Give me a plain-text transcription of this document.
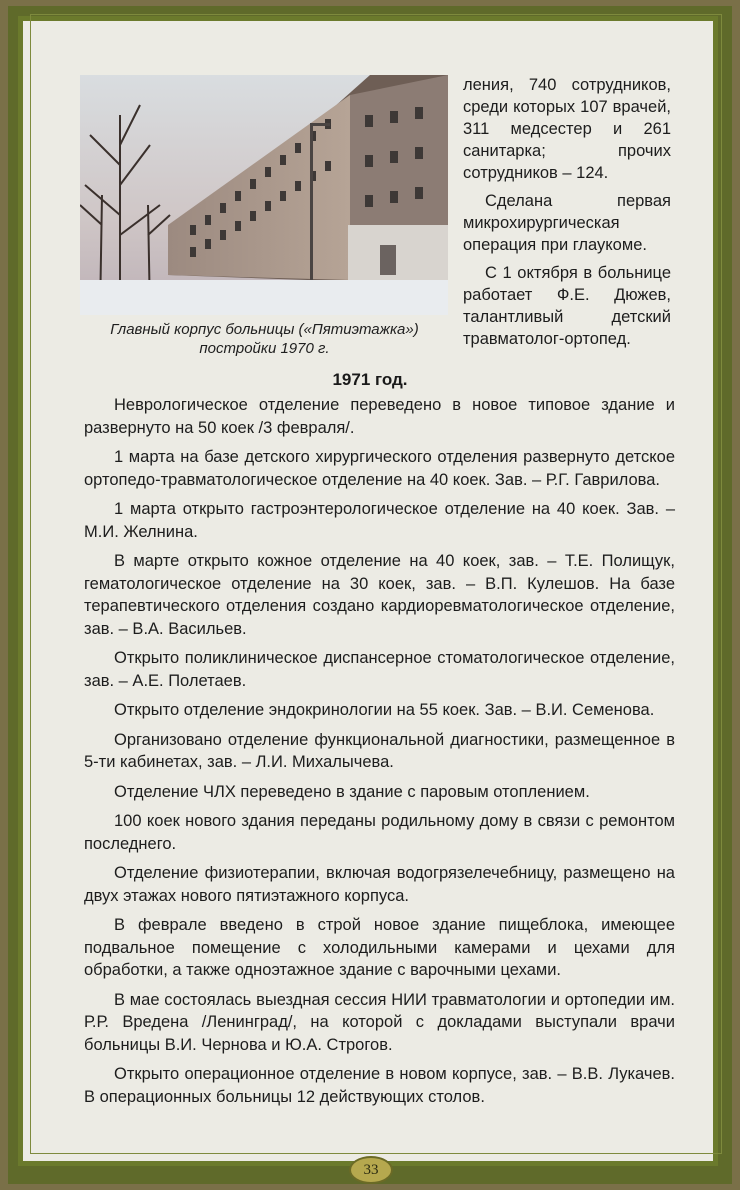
Главный корпус больницы («Пятиэтажка»)
постройки 1970 г.

ления, 740 сотрудников, среди которых 107 врачей, 311 медсестер и 261 санитарка; прочих сотрудников – 124.

Сделана первая микрохирургическая операция при глаукоме.

С 1 октября в больнице работает Ф.Е. Дюжев, талантливый детский травматолог-ортопед.

1971 год.

Неврологическое отделение переведено в новое типовое здание и развернуто на 50 коек /3 февраля/.

1 марта на базе детского хирургического отделения развернуто детское ортопедо-травматологическое отделение на 40 коек. Зав. – Р.Г. Гаврилова.

1 марта открыто гастроэнтерологическое отделение на 40 коек. Зав. – М.И. Желнина.

В марте открыто кожное отделение на 40 коек, зав. – Т.Е. Полищук, гематологическое отделение на 30 коек, зав. – В.П. Кулешов. На базе терапевтического отделения создано кардиоревматологическое отделение, зав. – В.А. Васильев.

Открыто поликлиническое диспансерное стоматологическое отделение, зав. – А.Е. Полетаев.

Открыто отделение эндокринологии на 55 коек. Зав. – В.И. Семенова.

Организовано отделение функциональной диагностики, размещенное в 5-ти кабинетах, зав. – Л.И. Михалычева.

Отделение ЧЛХ переведено в здание с паровым отоплением.

100 коек нового здания переданы родильному дому в связи с ремонтом последнего.

Отделение физиотерапии, включая водогрязелечебницу, размещено на двух этажах нового пятиэтажного корпуса.

В феврале введено в строй новое здание пищеблока, имеющее подвальное помещение с холодильными камерами и цехами для обработки, а также одноэтажное здание с варочными цехами.

В мае состоялась выездная сессия НИИ травматологии и ортопедии им. Р.Р. Вредена /Ленинград/, на которой с докладами выступали врачи больницы В.И. Чернова и Ю.А. Строгов.

Открыто операционное отделение в новом корпусе, зав. – В.В. Лукачев. В операционных больницы 12 действующих столов.

33
